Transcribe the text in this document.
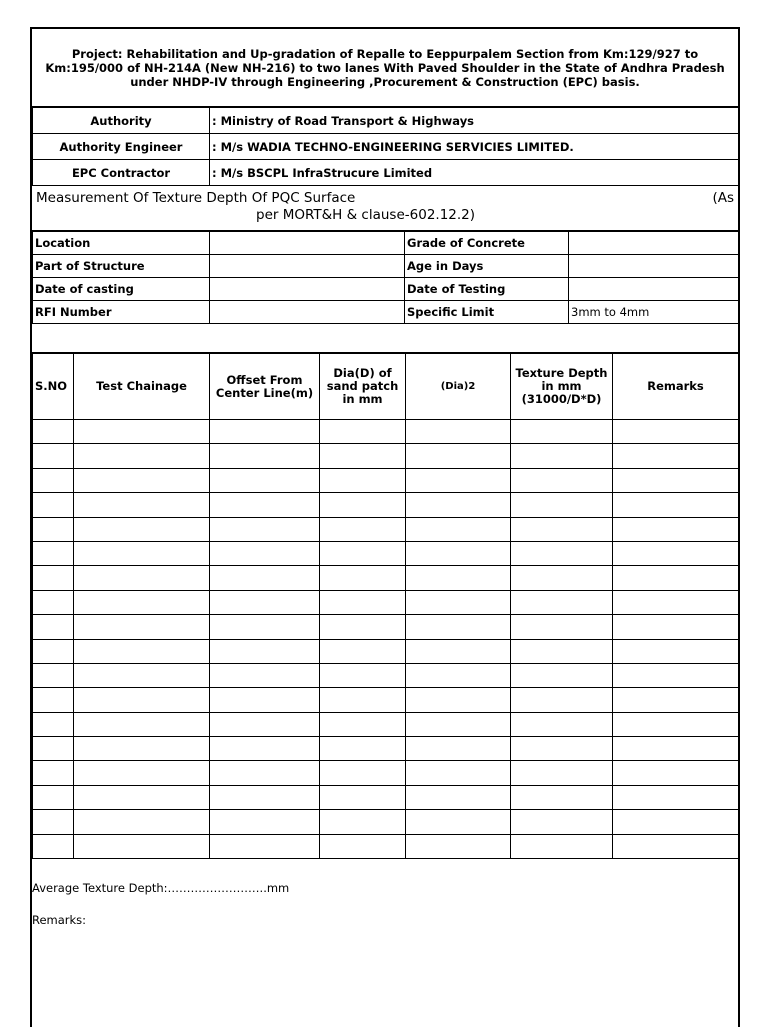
Project: Rehabilitation and Up-gradation of Repalle to Eeppurpalem Section from Km:129/927 to Km:195/000 of NH-214A (New NH-216) to two lanes With Paved Shoulder in the State of Andhra Pradesh under NHDP-IV through Engineering ,Procurement & Construction (EPC) basis.
Authority	: Ministry of Road Transport & Highways
Authority Engineer	: M/s WADIA TECHNO-ENGINEERING SERVICIES LIMITED.
EPC Contractor	: M/s BSCPL InfraStrucure Limited
Measurement Of Texture Depth Of PQC Surface
per MORT&H & clause-602.12.2)
(As
Location		Grade of Concrete	
Part of Structure		Age in Days	
Date of casting		Date of Testing	
RFI Number		Specific Limit	3mm to 4mm
S.NO	Test Chainage	Offset From Center Line(m)	Dia(D) of sand patch in mm	(Dia)2	Texture Depth in mm (31000/D*D)	Remarks

Average Texture Depth:……………………..mm
Remarks:
